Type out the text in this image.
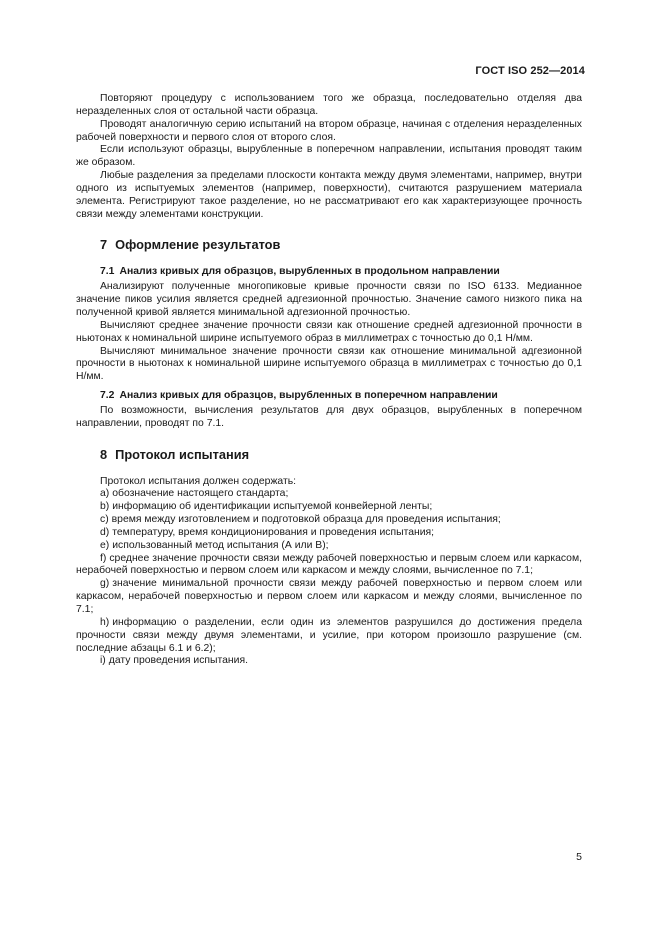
ГОСТ ISO 252—2014

Повторяют процедуру с использованием того же образца, последовательно отделяя два неразделенных слоя от остальной части образца.

Проводят аналогичную серию испытаний на втором образце, начиная с отделения неразделенных рабочей поверхности и первого слоя от второго слоя.

Если используют образцы, вырубленные в поперечном направлении, испытания проводят таким же образом.

Любые разделения за пределами плоскости контакта между двумя элементами, например, внутри одного из испытуемых элементов (например, поверхности), считаются разрушением материала элемента. Регистрируют такое разделение, но не рассматривают его как характеризующее прочность связи между элементами конструкции.

7 Оформление результатов
7.1 Анализ кривых для образцов, вырубленных в продольном направлении

Анализируют полученные многопиковые кривые прочности связи по ISO 6133. Медианное значение пиков усилия является средней адгезионной прочностью. Значение самого низкого пика на полученной кривой является минимальной адгезионной прочностью.

Вычисляют среднее значение прочности связи как отношение средней адгезионной прочности в ньютонах к номинальной ширине испытуемого образ в миллиметрах с точностью до 0,1 Н/мм.

Вычисляют минимальное значение прочности связи как отношение минимальной адгезионной прочности в ньютонах к номинальной ширине испытуемого образца в миллиметрах с точностью до 0,1 Н/мм.

7.2 Анализ кривых для образцов, вырубленных в поперечном направлении

По возможности, вычисления результатов для двух образцов, вырубленных в поперечном направлении, проводят по 7.1.

8 Протокол испытания

Протокол испытания должен содержать:

a) обозначение настоящего стандарта;

b) информацию об идентификации испытуемой конвейерной ленты;

c) время между изготовлением и подготовкой образца для проведения испытания;

d) температуру, время кондиционирования и проведения испытания;

e) использованный метод испытания (А или В);

f) среднее значение прочности связи между рабочей поверхностью и первым слоем или каркасом, нерабочей поверхностью и первом слоем или каркасом и между слоями, вычисленное по 7.1;

g) значение минимальной прочности связи между рабочей поверхностью и первом слоем или каркасом, нерабочей поверхностью и первом слоем или каркасом и между слоями, вычисленное по 7.1;

h) информацию о разделении, если один из элементов разрушился до достижения предела прочности связи между двумя элементами, и усилие, при котором произошло разрушение (см. последние абзацы 6.1 и 6.2);

i) дату проведения испытания.

5
